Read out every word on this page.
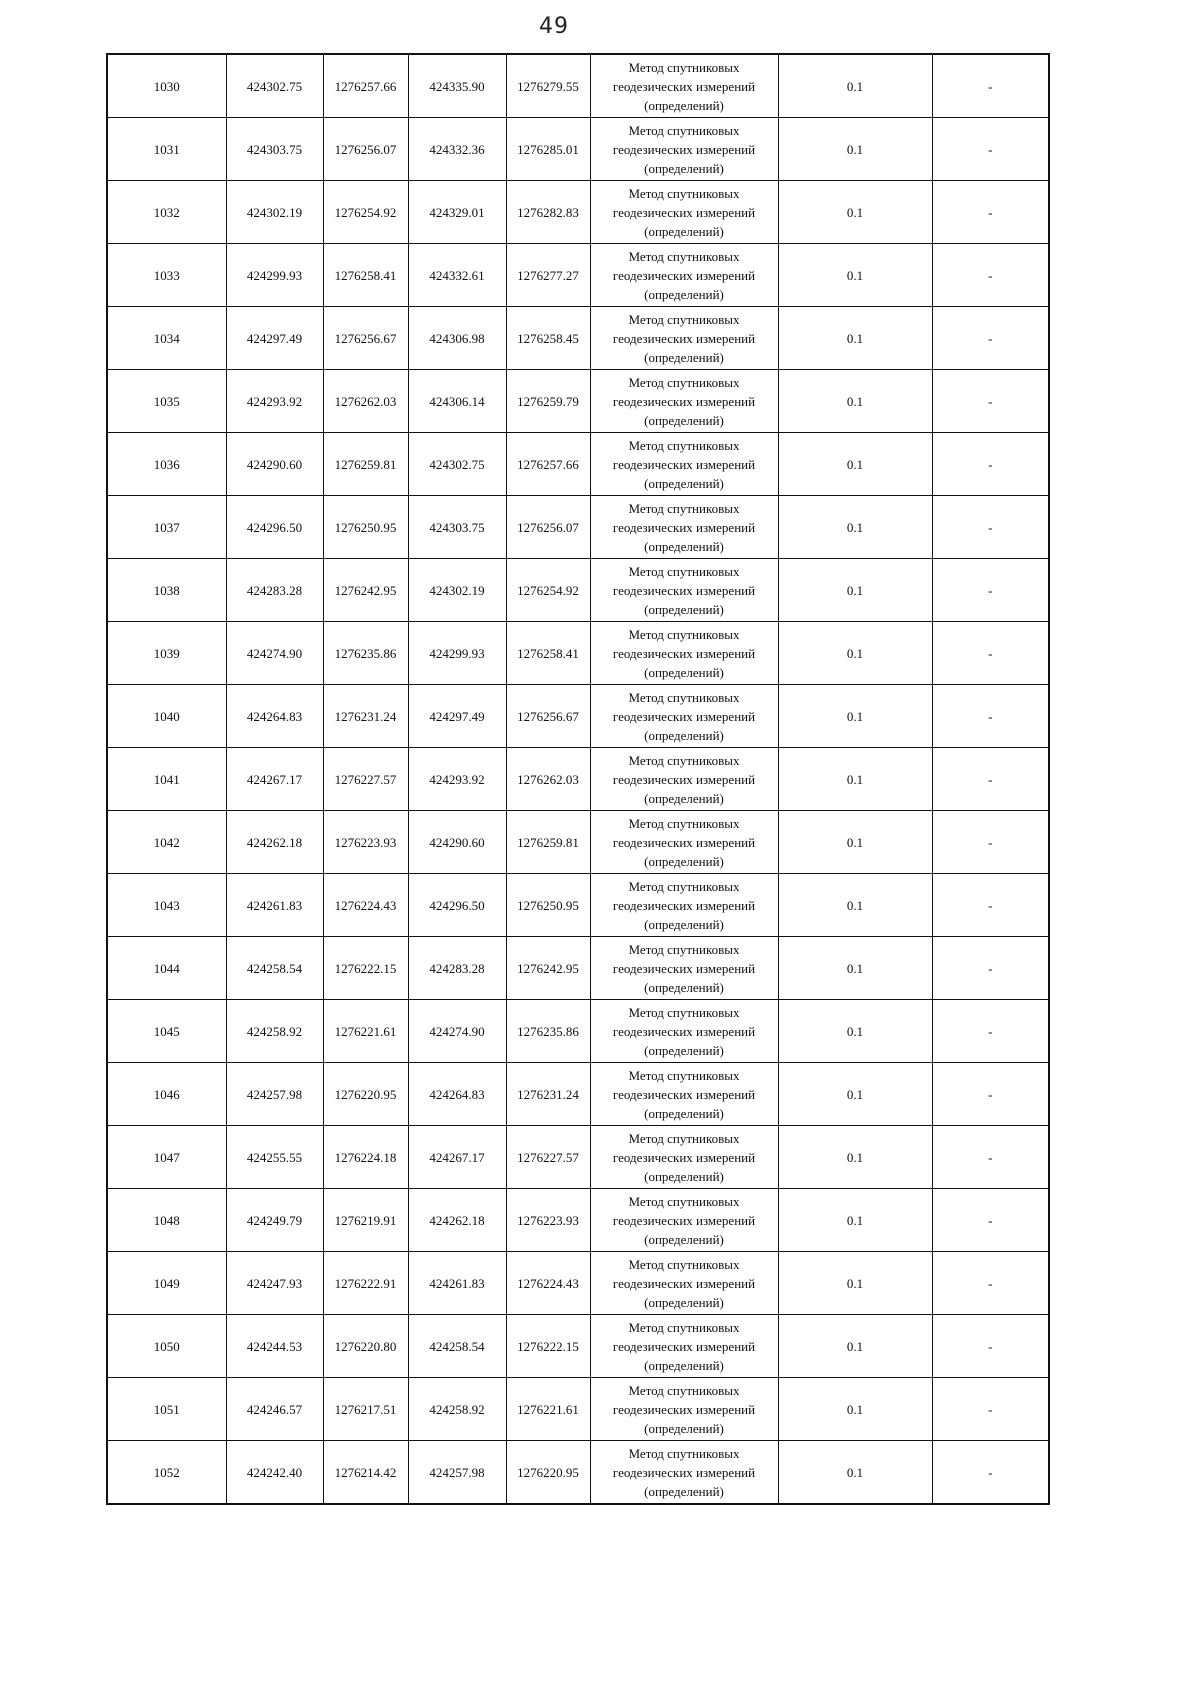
49
1030	424302.75	1276257.66	424335.90	1276279.55	Метод спутниковых
геодезических измерений
(определений)	0.1	-
1031	424303.75	1276256.07	424332.36	1276285.01	Метод спутниковых
геодезических измерений
(определений)	0.1	-
1032	424302.19	1276254.92	424329.01	1276282.83	Метод спутниковых
геодезических измерений
(определений)	0.1	-
1033	424299.93	1276258.41	424332.61	1276277.27	Метод спутниковых
геодезических измерений
(определений)	0.1	-
1034	424297.49	1276256.67	424306.98	1276258.45	Метод спутниковых
геодезических измерений
(определений)	0.1	-
1035	424293.92	1276262.03	424306.14	1276259.79	Метод спутниковых
геодезических измерений
(определений)	0.1	-
1036	424290.60	1276259.81	424302.75	1276257.66	Метод спутниковых
геодезических измерений
(определений)	0.1	-
1037	424296.50	1276250.95	424303.75	1276256.07	Метод спутниковых
геодезических измерений
(определений)	0.1	-
1038	424283.28	1276242.95	424302.19	1276254.92	Метод спутниковых
геодезических измерений
(определений)	0.1	-
1039	424274.90	1276235.86	424299.93	1276258.41	Метод спутниковых
геодезических измерений
(определений)	0.1	-
1040	424264.83	1276231.24	424297.49	1276256.67	Метод спутниковых
геодезических измерений
(определений)	0.1	-
1041	424267.17	1276227.57	424293.92	1276262.03	Метод спутниковых
геодезических измерений
(определений)	0.1	-
1042	424262.18	1276223.93	424290.60	1276259.81	Метод спутниковых
геодезических измерений
(определений)	0.1	-
1043	424261.83	1276224.43	424296.50	1276250.95	Метод спутниковых
геодезических измерений
(определений)	0.1	-
1044	424258.54	1276222.15	424283.28	1276242.95	Метод спутниковых
геодезических измерений
(определений)	0.1	-
1045	424258.92	1276221.61	424274.90	1276235.86	Метод спутниковых
геодезических измерений
(определений)	0.1	-
1046	424257.98	1276220.95	424264.83	1276231.24	Метод спутниковых
геодезических измерений
(определений)	0.1	-
1047	424255.55	1276224.18	424267.17	1276227.57	Метод спутниковых
геодезических измерений
(определений)	0.1	-
1048	424249.79	1276219.91	424262.18	1276223.93	Метод спутниковых
геодезических измерений
(определений)	0.1	-
1049	424247.93	1276222.91	424261.83	1276224.43	Метод спутниковых
геодезических измерений
(определений)	0.1	-
1050	424244.53	1276220.80	424258.54	1276222.15	Метод спутниковых
геодезических измерений
(определений)	0.1	-
1051	424246.57	1276217.51	424258.92	1276221.61	Метод спутниковых
геодезических измерений
(определений)	0.1	-
1052	424242.40	1276214.42	424257.98	1276220.95	Метод спутниковых
геодезических измерений
(определений)	0.1	-
